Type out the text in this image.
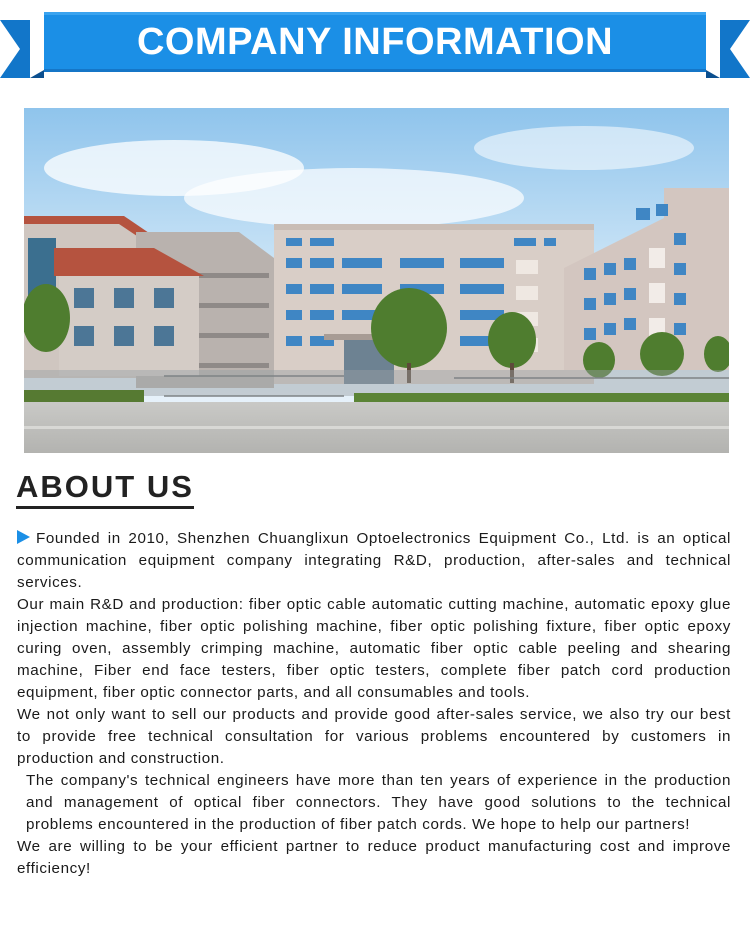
COMPANY INFORMATION
ABOUT US

Founded in 2010, Shenzhen Chuanglixun Optoelectronics Equipment Co., Ltd. is an optical communication equipment company integrating R&D, production, after-sales and technical services.

Our main R&D and production: fiber optic cable automatic cutting machine, automatic epoxy glue injection machine, fiber optic polishing machine, fiber optic polishing fixture, fiber optic epoxy curing oven, assembly crimping machine, automatic fiber optic cable peeling and shearing machine, Fiber end face testers, fiber optic testers, complete fiber patch cord production equipment, fiber optic connector parts, and all consumables and tools.

We not only want to sell our products and provide good after-sales service, we also try our best to provide free technical consultation for various problems encountered by customers in production and construction.

The company's technical engineers have more than ten years of experience in the production and management of optical fiber connectors. They have good solutions to the technical problems encountered in the production of fiber patch cords. We hope to help our partners!

We are willing to be your efficient partner to reduce product manufacturing cost and improve efficiency!
